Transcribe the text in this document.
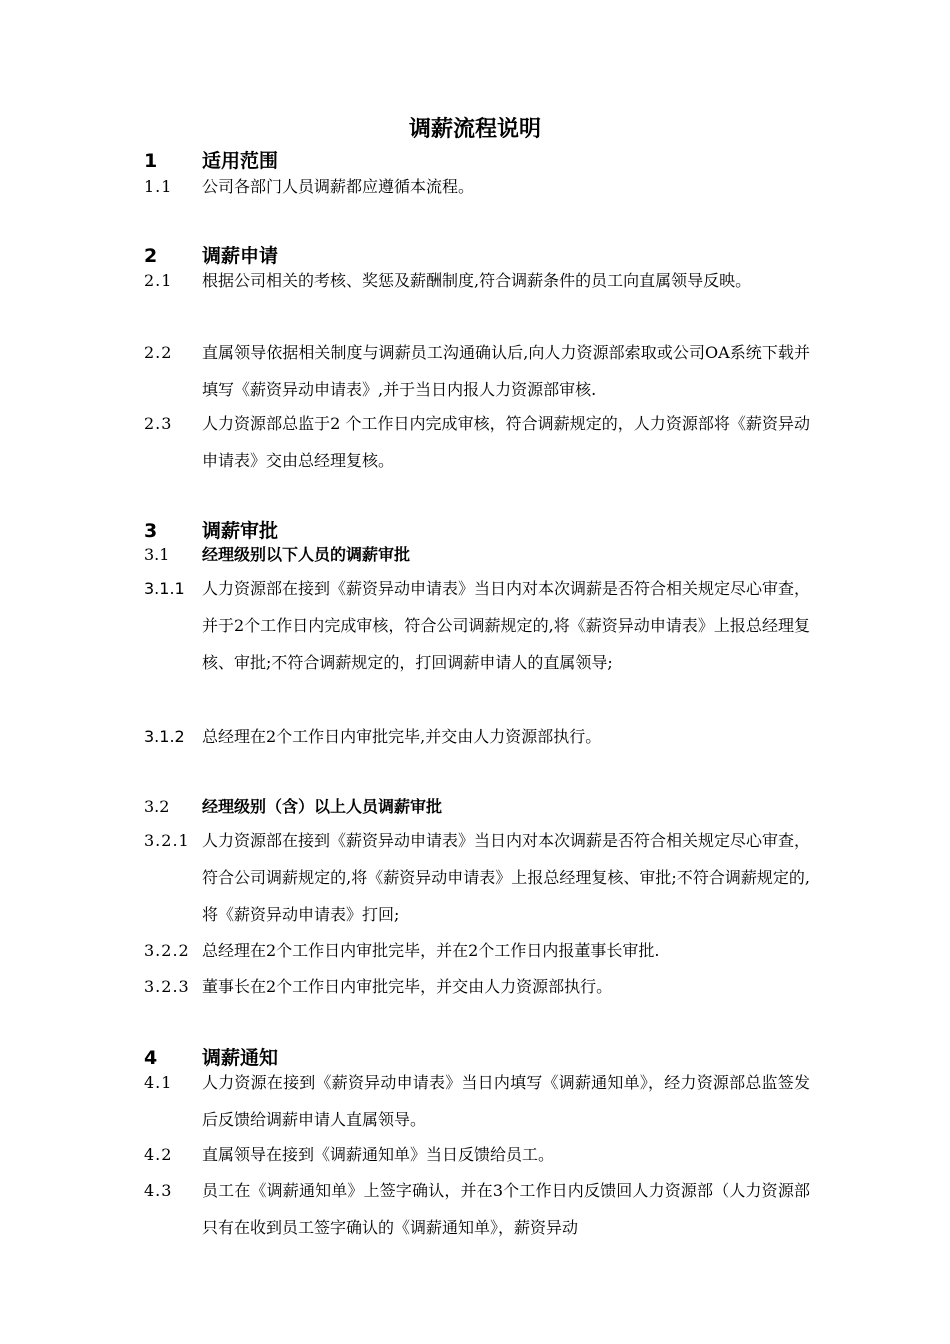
调薪流程说明
1 适用范围
1.1 公司各部门人员调薪都应遵循本流程。
2 调薪申请
2.1 根据公司相关的考核、奖惩及薪酬制度,符合调薪条件的员工向直属领导反映。
2.2 直属领导依据相关制度与调薪员工沟通确认后,向人力资源部索取或公司OA系统下载并填写《薪资异动申请表》,并于当日内报人力资源部审核.
2.3 人力资源部总监于2 个工作日内完成审核，符合调薪规定的，人力资源部将《薪资异动申请表》交由总经理复核。
3 调薪审批
3.1 经理级别以下人员的调薪审批
3.1.1 人力资源部在接到《薪资异动申请表》当日内对本次调薪是否符合相关规定尽心审查，并于2个工作日内完成审核，符合公司调薪规定的,将《薪资异动申请表》上报总经理复核、审批;不符合调薪规定的，打回调薪申请人的直属领导;
3.1.2 总经理在2个工作日内审批完毕,并交由人力资源部执行。
3.2 经理级别（含）以上人员调薪审批
3.2.1 人力资源部在接到《薪资异动申请表》当日内对本次调薪是否符合相关规定尽心审查，符合公司调薪规定的,将《薪资异动申请表》上报总经理复核、审批;不符合调薪规定的,将《薪资异动申请表》打回;
3.2.2 总经理在2个工作日内审批完毕，并在2个工作日内报董事长审批.
3.2.3 董事长在2个工作日内审批完毕，并交由人力资源部执行。
4 调薪通知
4.1 人力资源在接到《薪资异动申请表》当日内填写《调薪通知单》，经力资源部总监签发后反馈给调薪申请人直属领导。
4.2 直属领导在接到《调薪通知单》当日反馈给员工。
4.3 员工在《调薪通知单》上签字确认，并在3个工作日内反馈回人力资源部（人力资源部只有在收到员工签字确认的《调薪通知单》，薪资异动
